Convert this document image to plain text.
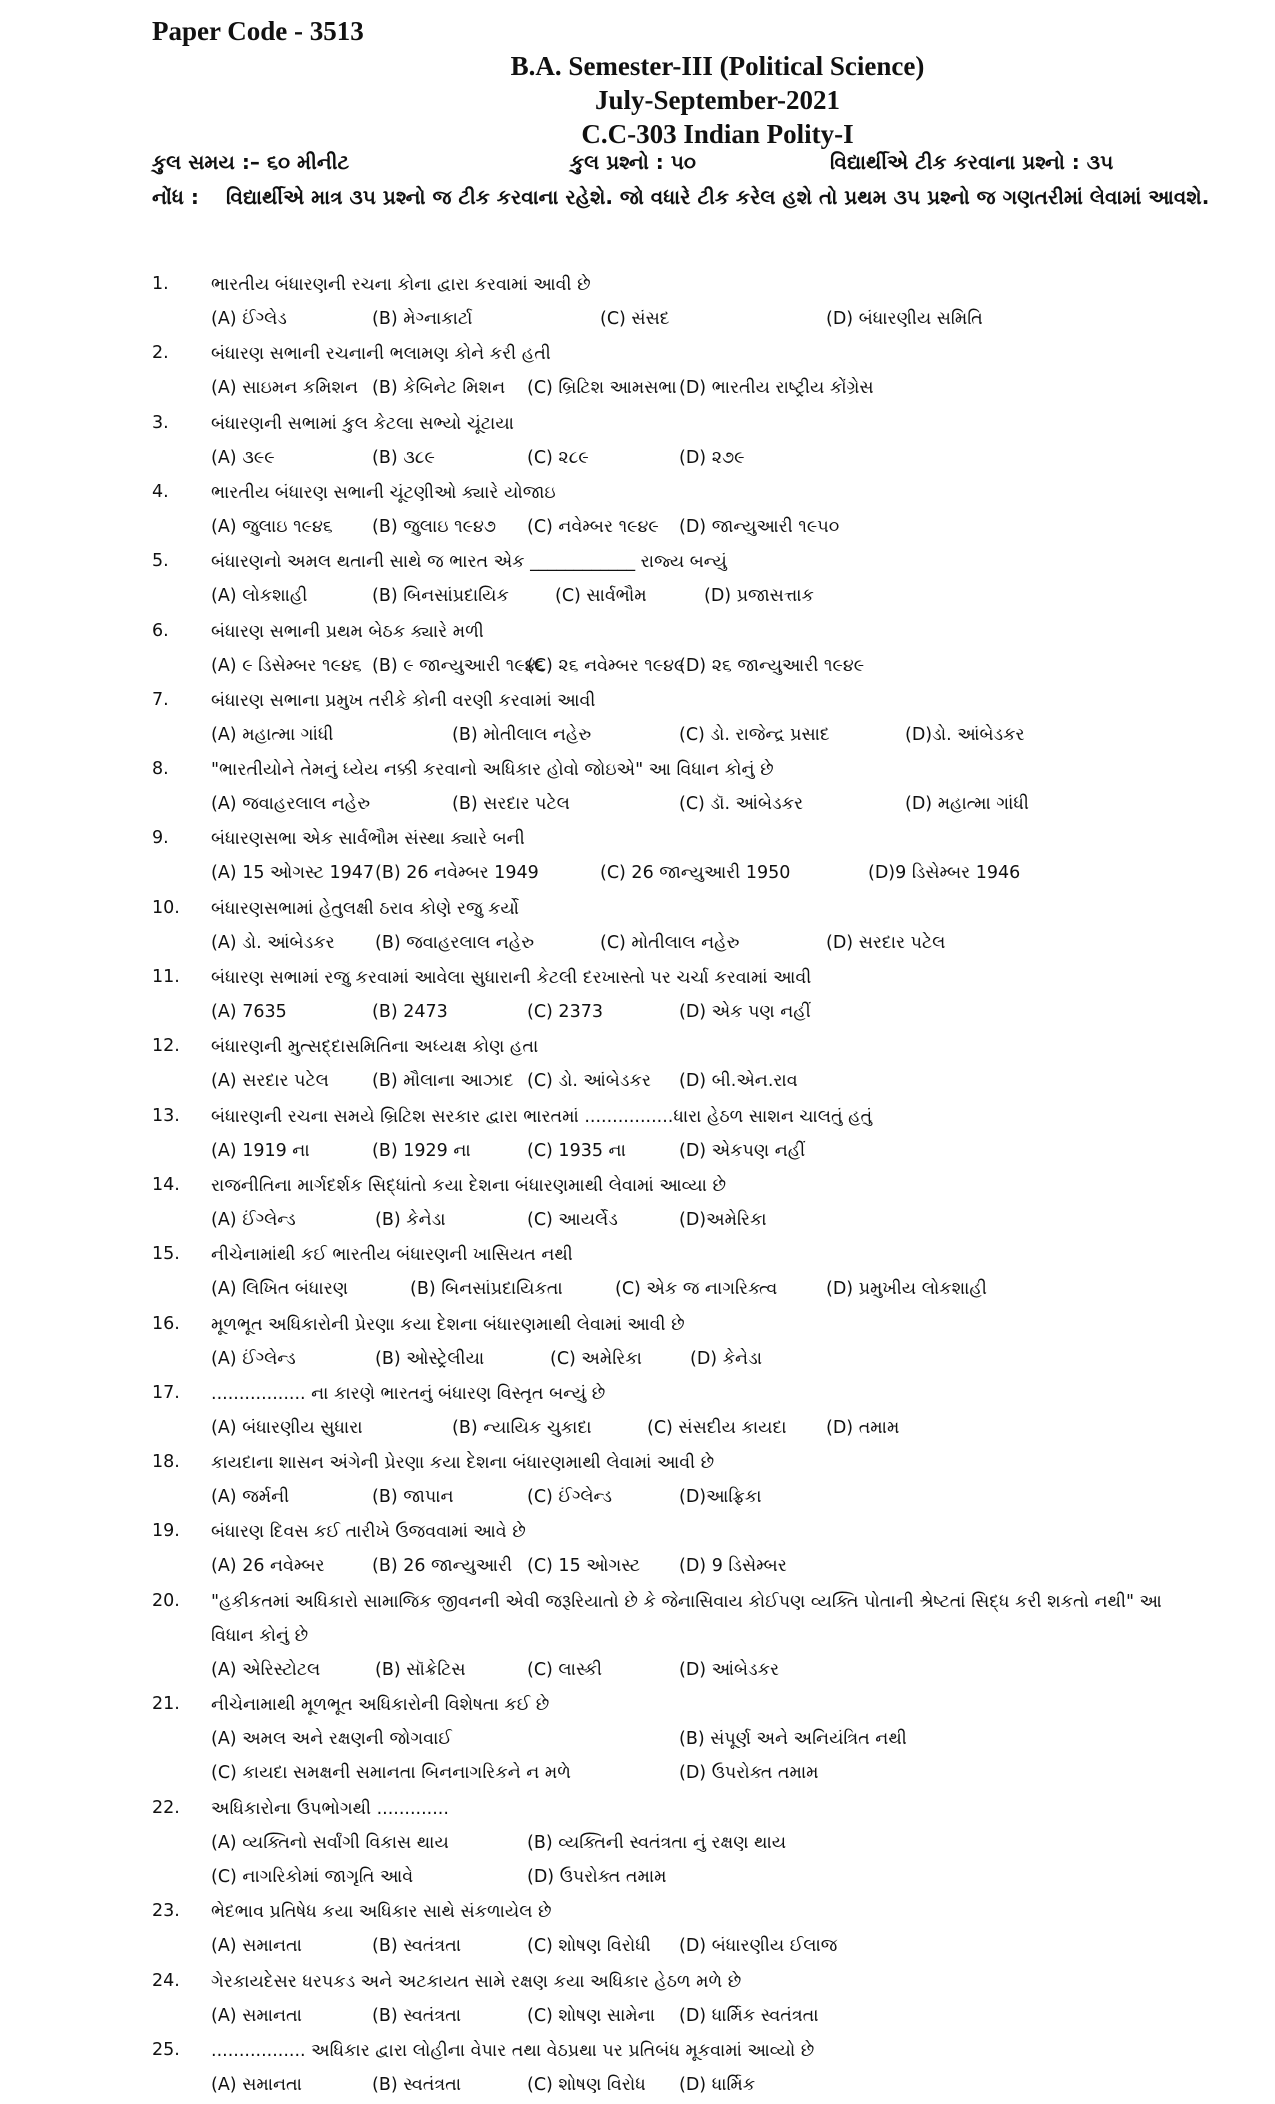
Paper Code - 3513
B.A. Semester-III (Political Science)
July-September-2021
C.C-303 Indian Polity-I
કુલ સમય :– ૬૦ મીનીટ	કુલ પ્રશ્નો : ૫૦	વિદ્યાર્થીએ ટીક કરવાના પ્રશ્નો : ૩૫
નોંધ : વિદ્યાર્થીએ માત્ર ૩૫ પ્રશ્નો જ ટીક કરવાના રહેશે. જો વધારે ટીક કરેલ હશે તો પ્રથમ ૩૫ પ્રશ્નો જ ગણતરીમાં લેવામાં આવશે.
1. ભારતીય બંધારણની રચના કોના દ્વારા કરવામાં આવી છે
(A) ઈંગ્લેડ	(B) મેગ્નાકાર્ટા	(C) સંસદ	(D) બંધારણીય સમિતિ
2. બંધારણ સભાની રચનાની ભલામણ કોને કરી હતી
(A) સાઇમન કમિશન (B) કેબિનેટ મિશન (C) બ્રિટિશ આમસભા (D) ભારતીય રાષ્ટ્રીય કોંગ્રેસ
3. બંધારણની સભામાં કુલ કેટલા સભ્યો ચૂંટાયા
(A) ૩૯૯	(B) ૩૮૯	(C) ૨૮૯	(D) ૨૭૯
4. ભારતીય બંધારણ સભાની ચૂંટણીઓ ક્યારે યોજાઇ
(A) જુલાઇ ૧૯૪૬ (B) જુલાઇ ૧૯૪૭ (C) નવેમ્બર ૧૯૪૯ (D) જાન્યુઆરી ૧૯૫૦
5. બંધારણનો અમલ થતાની સાથે જ ભારત એક ____________ રાજ્ય બન્યું
(A) લોકશાહી	(B) બિનસાંપ્રદાયિક	(C) સાર્વભૌમ	(D) પ્રજાસત્તાક
6. બંધારણ સભાની પ્રથમ બેઠક ક્યારે મળી
(A) ૯ ડિસેમ્બર ૧૯૪૬ (B) ૯ જાન્યુઆરી ૧૯૪૬
(C) ૨૬ નવેમ્બર ૧૯૪૯
(D) ૨૬ જાન્યુઆરી ૧૯૪૯
7. બંધારણ સભાના પ્રમુખ તરીકે કોની વરણી કરવામાં આવી
(A) મહાત્મા ગાંધી	(B) મોતીલાલ નહેરુ	(C) ડો. રાજેન્દ્ર પ્રસાદ	(D)ડો. આંબેડકર
8. "ભારતીયોને તેમનું ધ્યેય નક્કી કરવાનો અધિકાર હોવો જોઇએ" આ વિધાન કોનું છે
(A) જવાહરલાલ નહેરુ	(B) સરદાર પટેલ	(C) ડૉ. આંબેડકર	(D) મહાત્મા ગાંધી
9. બંધારણસભા એક સાર્વભૌમ સંસ્થા ક્યારે બની
(A) 15 ઓગસ્ટ 1947 (B) 26 નવેમ્બર 1949	(C) 26 જાન્યુઆરી 1950	(D)9 ડિસેમ્બર 1946
10. બંધારણસભામાં હેતુલક્ષી ઠરાવ કોણે રજુ કર્યો
(A) ડો. આંબેડકર (B) જવાહરલાલ નહેરુ	(C) મોતીલાલ નહેરુ	(D) સરદાર પટેલ
11. બંધારણ સભામાં રજુ કરવામાં આવેલા સુધારાની કેટલી દરખાસ્તો પર ચર્ચા કરવામાં આવી
(A) 7635	(B) 2473	(C) 2373	(D) એક પણ નહીં
12. બંધારણની મુત્સદ્દાસમિતિના અધ્યક્ષ કોણ હતા
(A) સરદાર પટેલ (B) મૌલાના આઝાદ (C) ડો. આંબેડકર (D) બી.એન.રાવ
13. બંધારણની રચના સમયે બ્રિટિશ સરકાર દ્વારા ભારતમાં ................ધારા હેઠળ સાશન ચાલતું હતું
(A) 1919 ના	(B) 1929 ના	(C) 1935 ના	(D) એકપણ નહીં
14. રાજનીતિના માર્ગદર્શક સિદ્ધાંતો કયા દેશના બંધારણમાથી લેવામાં આવ્યા છે
(A) ઈંગ્લેન્ડ	(B) કેનેડા	(C) આયર્લેડ	(D)અમેરિકા
15. નીચેનામાંથી કઈ ભારતીય બંધારણની ખાસિયત નથી
(A) લિખિત બંધારણ	(B) બિનસાંપ્રદાયિકતા	(C) એક જ નાગરિક્ત્વ	(D) પ્રમુખીય લોકશાહી
16. મૂળભૂત અધિકારોની પ્રેરણા કયા દેશના બંધારણમાથી લેવામાં આવી છે
(A) ઈંગ્લેન્ડ	(B) ઓસ્ટ્રેલીયા	(C) અમેરિકા	(D) કેનેડા
17. ................. ના કારણે ભારતનું બંધારણ વિસ્તૃત બન્યું છે
(A) બંધારણીય સુધારા	(B) ન્યાયિક ચુકાદા	(C) સંસદીય કાયદા (D) તમામ
18. કાયદાના શાસન અંગેની પ્રેરણા કયા દેશના બંધારણમાથી લેવામાં આવી છે
(A) જર્મની	(B) જાપાન	(C) ઈંગ્લેન્ડ	(D)આફ્રિકા
19. બંધારણ દિવસ કઈ તારીખે ઉજવવામાં આવે છે
(A) 26 નવેમ્બર	(B) 26 જાન્યુઆરી (C) 15 ઓગસ્ટ (D) 9 ડિસેમ્બર
20. "હકીકતમાં અધિકારો સામાજિક જીવનની એવી જરૂરિયાતો છે કે જેનાસિવાય કોઈપણ વ્યક્તિ પોતાની શ્રેષ્ટતાં સિદ્ધ કરી શકતો નથી" આ
વિધાન કોનું છે
(A) એરિસ્ટોટલ	(B) સૉક્રેટિસ	(C) લાસ્કી	(D) આંબેડકર
21. નીચેનામાથી મૂળભૂત અધિકારોની વિશેષતા કઈ છે
(A) અમલ અને રક્ષણની જોગવાઈ	(B) સંપૂર્ણ અને અનિયંત્રિત નથી
(C) કાયદા સમક્ષની સમાનતા બિનનાગરિકને ન મળે	(D) ઉપરોક્ત તમામ
22. અધિકારોના ઉપભોગથી .............
(A) વ્યક્તિનો સર્વાંગી વિકાસ થાય	(B) વ્યક્તિની સ્વતંત્રતા નું રક્ષણ થાય
(C) નાગરિકોમાં જાગૃતિ આવે	(D) ઉપરોક્ત તમામ
23. ભેદભાવ પ્રતિષેધ કયા અધિકાર સાથે સંકળાયેલ છે
(A) સમાનતા	(B) સ્વતંત્રતા	(C) શોષણ વિરોધી (D) બંધારણીય ઈલાજ
24. ગેરકાયદેસર ધરપકડ અને અટકાયત સામે રક્ષણ કયા અધિકાર હેઠળ મળે છે
(A) સમાનતા	(B) સ્વતંત્રતા	(C) શોષણ સામેના (D) ધાર્મિક સ્વતંત્રતા
25. ................. અધિકાર દ્વારા લોહીના વેપાર તથા વેઠપ્રથા પર પ્રતિબંધ મૂકવામાં આવ્યો છે
(A) સમાનતા	(B) સ્વતંત્રતા	(C) શોષણ વિરોધ (D) ધાર્મિક
